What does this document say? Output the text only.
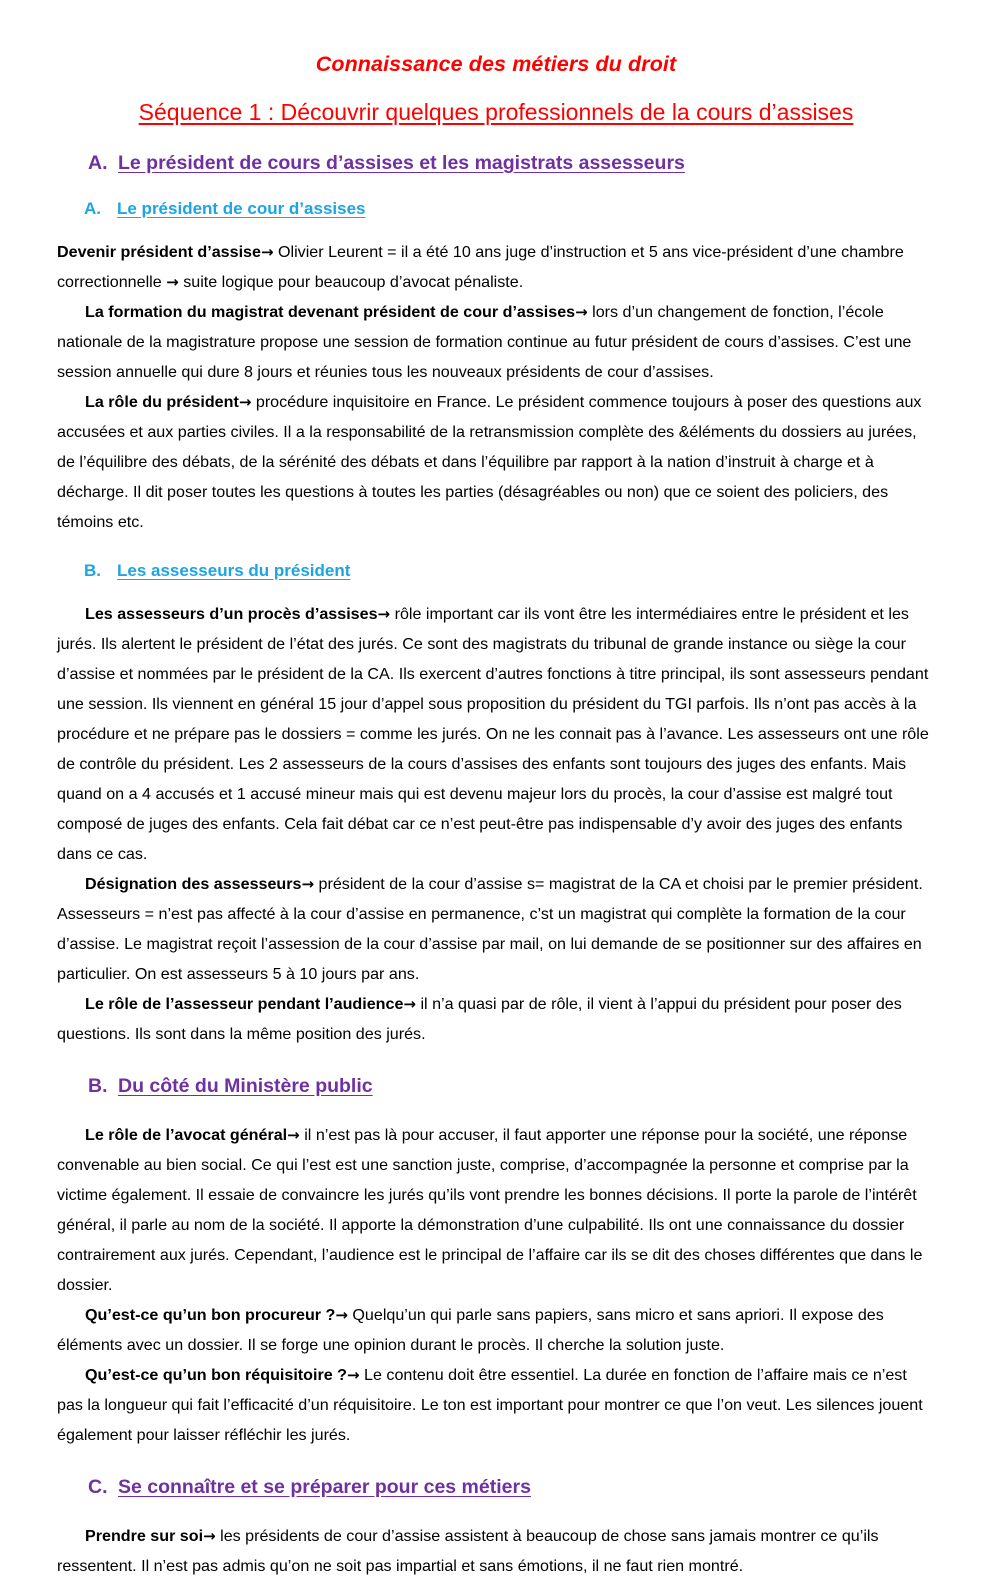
Connaissance des métiers du droit
Séquence 1 : Découvrir quelques professionnels de la cours d’assises
A. Le président de cours d’assises et les magistrats assesseurs
A. Le président de cour d’assises

Devenir président d’assise→ Olivier Leurent = il a été 10 ans juge d’instruction et 5 ans vice-président d’une chambre correctionnelle → suite logique pour beaucoup d’avocat pénaliste.

La formation du magistrat devenant président de cour d’assises→ lors d’un changement de fonction, l’école nationale de la magistrature propose une session de formation continue au futur président de cours d’assises. C’est une session annuelle qui dure 8 jours et réunies tous les nouveaux présidents de cour d’assises.

La rôle du président→ procédure inquisitoire en France. Le président commence toujours à poser des questions aux accusées et aux parties civiles. Il a la responsabilité de la retransmission complète des &éléments du dossiers au jurées, de l’équilibre des débats, de la sérénité des débats et dans l’équilibre par rapport à la nation d’instruit à charge et à décharge. Il dit poser toutes les questions à toutes les parties (désagréables ou non) que ce soient des policiers, des témoins etc.

B. Les assesseurs du président

Les assesseurs d’un procès d’assises→ rôle important car ils vont être les intermédiaires entre le président et les jurés. Ils alertent le président de l’état des jurés. Ce sont des magistrats du tribunal de grande instance ou siège la cour d’assise et nommées par le président de la CA. Ils exercent d’autres fonctions à titre principal, ils sont assesseurs pendant une session. Ils viennent en général 15 jour d’appel sous proposition du président du TGI parfois. Ils n’ont pas accès à la procédure et ne prépare pas le dossiers = comme les jurés. On ne les connait pas à l’avance. Les assesseurs ont une rôle de contrôle du président. Les 2 assesseurs de la cours d’assises des enfants sont toujours des juges des enfants. Mais quand on a 4 accusés et 1 accusé mineur mais qui est devenu majeur lors du procès, la cour d’assise est malgré tout composé de juges des enfants. Cela fait débat car ce n’est peut-être pas indispensable d’y avoir des juges des enfants dans ce cas.

Désignation des assesseurs→ président de la cour d’assise s= magistrat de la CA et choisi par le premier président. Assesseurs = n’est pas affecté à la cour d’assise en permanence, c’st un magistrat qui complète la formation de la cour d’assise. Le magistrat reçoit l’assession de la cour d’assise par mail, on lui demande de se positionner sur des affaires en particulier. On est assesseurs 5 à 10 jours par ans.

Le rôle de l’assesseur pendant l’audience→ il n’a quasi par de rôle, il vient à l’appui du président pour poser des questions. Ils sont dans la même position des jurés.

B. Du côté du Ministère public

Le rôle de l’avocat général→ il n’est pas là pour accuser, il faut apporter une réponse pour la société, une réponse convenable au bien social. Ce qui l’est est une sanction juste, comprise, d’accompagnée la personne et comprise par la victime également. Il essaie de convaincre les jurés qu’ils vont prendre les bonnes décisions. Il porte la parole de l’intérêt général, il parle au nom de la société. Il apporte la démonstration d’une culpabilité. Ils ont une connaissance du dossier contrairement aux jurés. Cependant, l’audience est le principal de l’affaire car ils se dit des choses différentes que dans le dossier.

Qu’est-ce qu’un bon procureur ?→ Quelqu’un qui parle sans papiers, sans micro et sans apriori. Il expose des éléments avec un dossier. Il se forge une opinion durant le procès. Il cherche la solution juste.

Qu’est-ce qu’un bon réquisitoire ?→ Le contenu doit être essentiel. La durée en fonction de l’affaire mais ce n’est pas la longueur qui fait l’efficacité d’un réquisitoire. Le ton est important pour montrer ce que l’on veut. Les silences jouent également pour laisser réfléchir les jurés.

C. Se connaître et se préparer pour ces métiers

Prendre sur soi→ les présidents de cour d’assise assistent à beaucoup de chose sans jamais montrer ce qu’ils ressentent. Il n’est pas admis qu’on ne soit pas impartial et sans émotions, il ne faut rien montré.
